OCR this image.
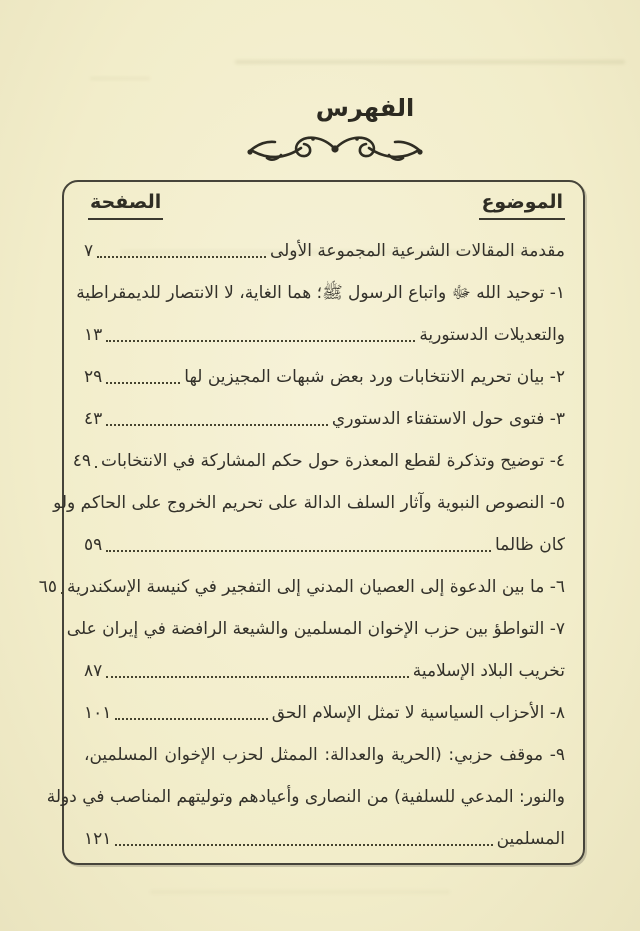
الفهرس
الموضوع
الصفحة
مقدمة المقالات الشرعية المجموعة الأولى
٧
١- توحيد الله ﷻ واتباع الرسول ﷺ؛ هما الغاية، لا الانتصار للديمقراطية
والتعديلات الدستورية
١٣
٢- بيان تحريم الانتخابات ورد بعض شبهات المجيزين لها
٢٩
٣- فتوى حول الاستفتاء الدستوري
٤٣
٤- توضيح وتذكرة لقطع المعذرة حول حكم المشاركة في الانتخابات
٤٩
٥- النصوص النبوية وآثار السلف الدالة على تحريم الخروج على الحاكم ولو
كان ظالما
٥٩
٦- ما بين الدعوة إلى العصيان المدني إلى التفجير في كنيسة الإسكندرية
٦٥
٧- التواطؤ بين حزب الإخوان المسلمين والشيعة الرافضة في إيران على
تخريب البلاد الإسلامية
٨٧
٨- الأحزاب السياسية لا تمثل الإسلام الحق
١٠١
٩- موقف حزبي: (الحرية والعدالة: الممثل لحزب الإخوان المسلمين،
والنور: المدعي للسلفية) من النصارى وأعيادهم وتوليتهم المناصب في دولة
المسلمين
١٢١
